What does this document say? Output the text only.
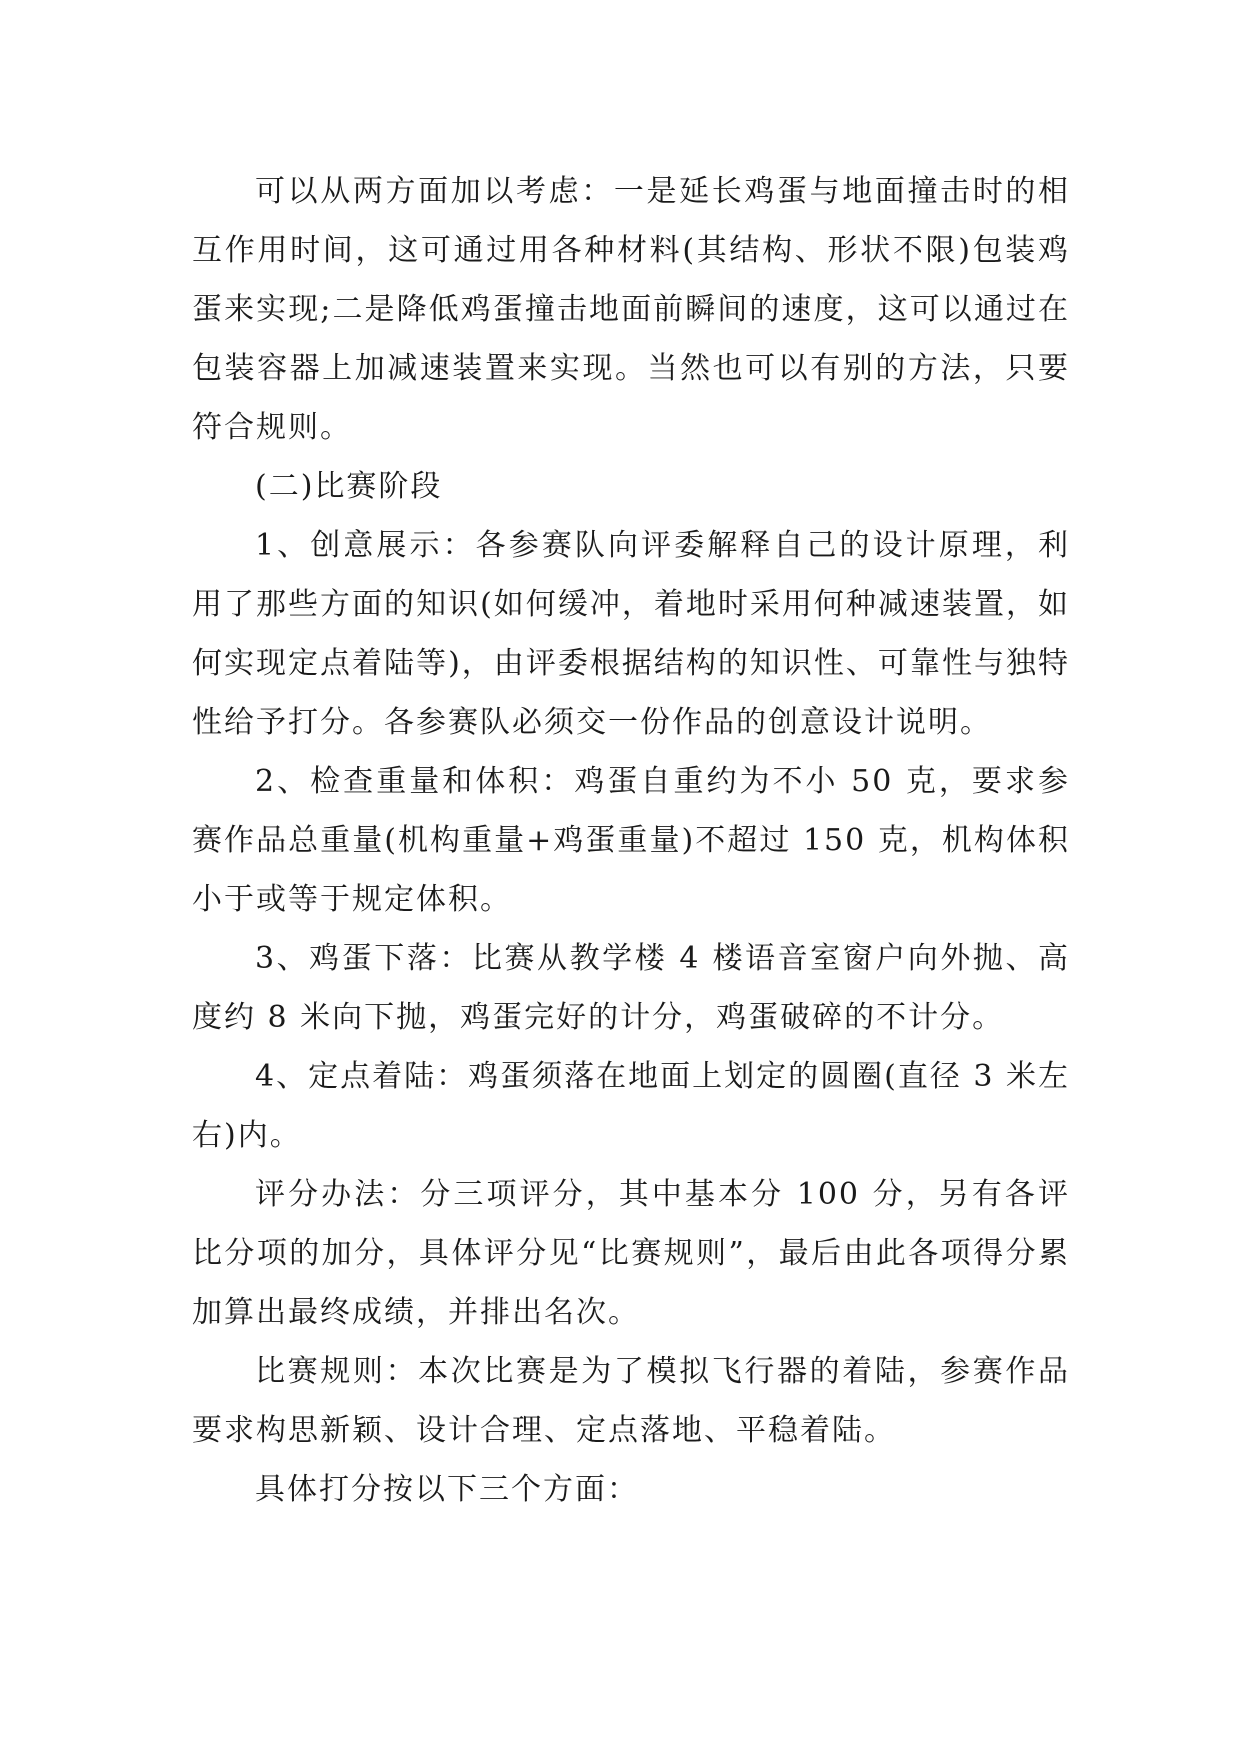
可以从两方面加以考虑：一是延长鸡蛋与地面撞击时的相互作用时间，这可通过用各种材料(其结构、形状不限)包装鸡蛋来实现;二是降低鸡蛋撞击地面前瞬间的速度，这可以通过在包装容器上加减速装置来实现。当然也可以有别的方法，只要符合规则。

(二)比赛阶段

1、创意展示：各参赛队向评委解释自己的设计原理，利用了那些方面的知识(如何缓冲，着地时采用何种减速装置，如何实现定点着陆等)，由评委根据结构的知识性、可靠性与独特性给予打分。各参赛队必须交一份作品的创意设计说明。

2、检查重量和体积：鸡蛋自重约为不小 50 克，要求参赛作品总重量(机构重量+鸡蛋重量)不超过 150 克，机构体积小于或等于规定体积。

3、鸡蛋下落：比赛从教学楼 4 楼语音室窗户向外抛、高度约 8 米向下抛，鸡蛋完好的计分，鸡蛋破碎的不计分。

4、定点着陆：鸡蛋须落在地面上划定的圆圈(直径 3 米左右)内。

评分办法：分三项评分，其中基本分 100 分，另有各评比分项的加分，具体评分见“比赛规则”，最后由此各项得分累加算出最终成绩，并排出名次。

比赛规则：本次比赛是为了模拟飞行器的着陆，参赛作品要求构思新颖、设计合理、定点落地、平稳着陆。

具体打分按以下三个方面：
